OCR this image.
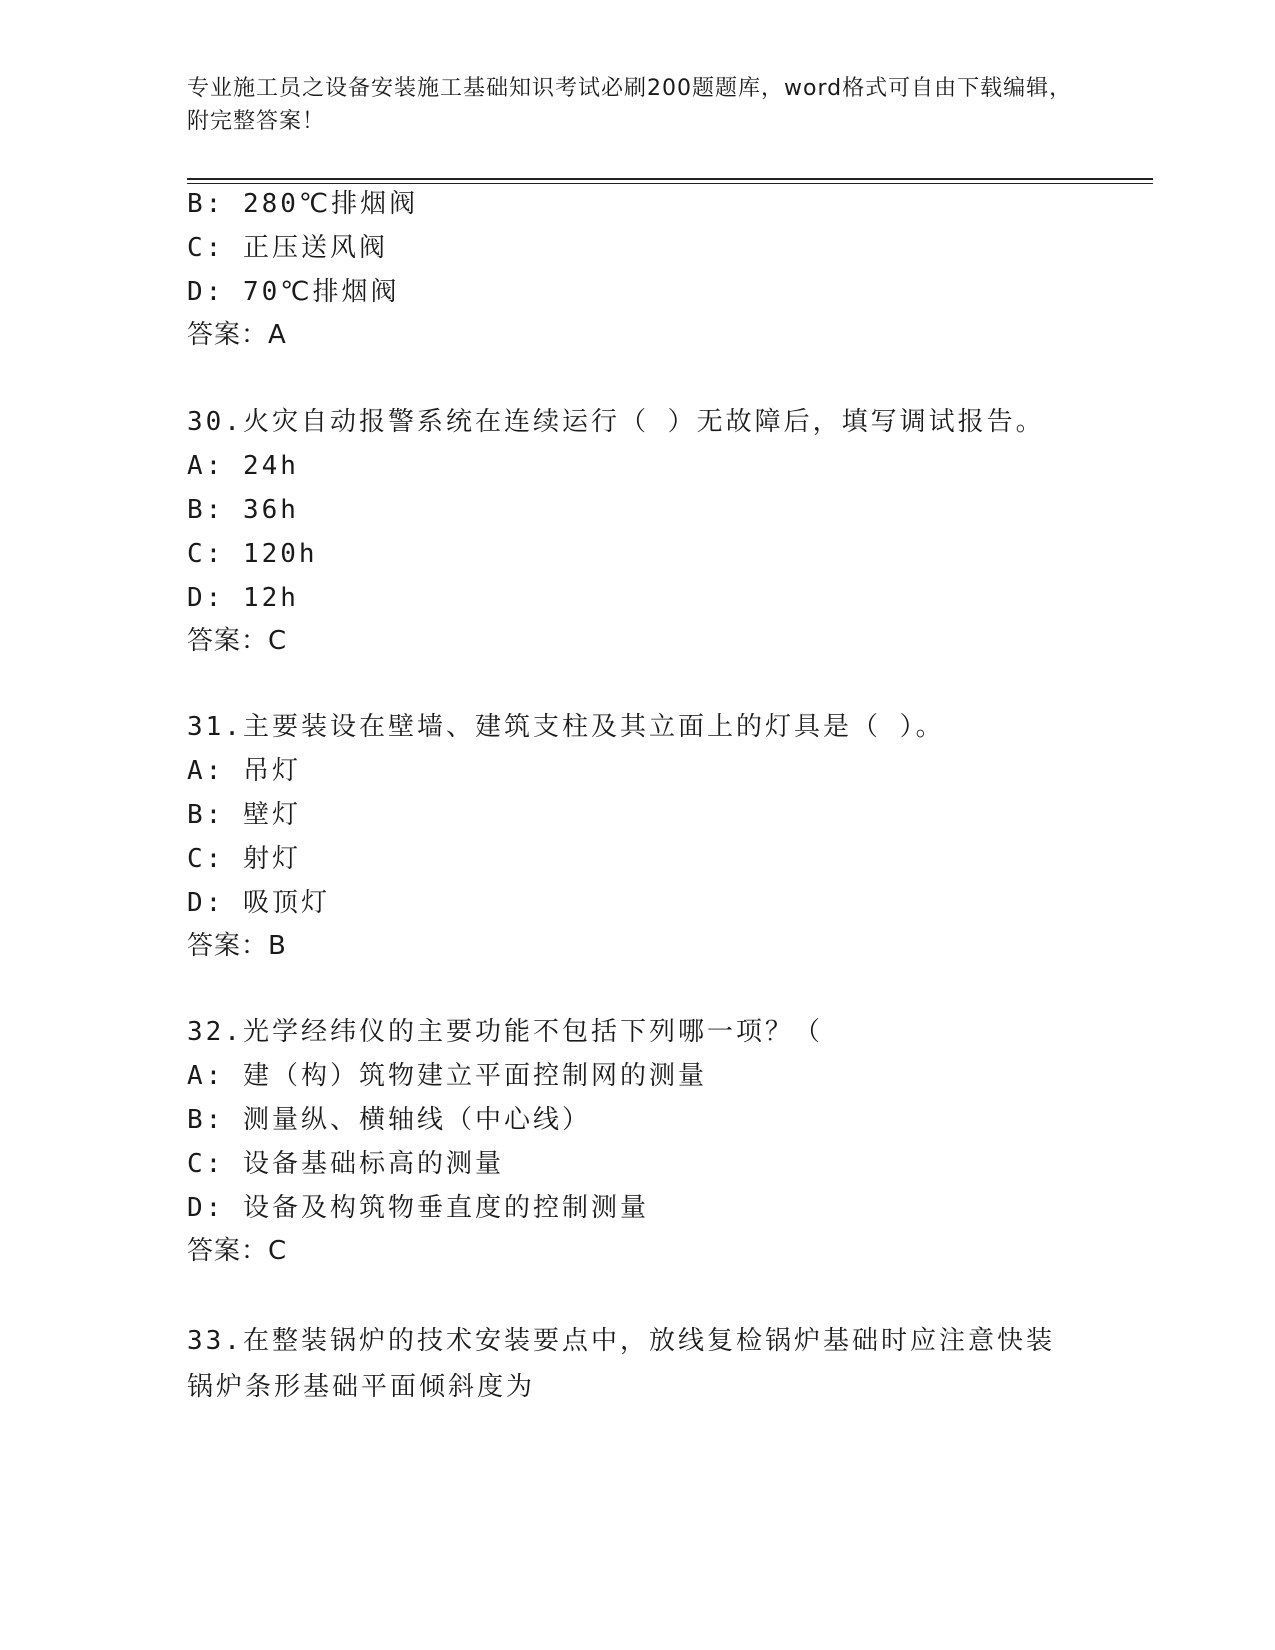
专业施工员之设备安装施工基础知识考试必刷200题题库，word格式可自由下载编辑，附完整答案！
B: 280℃排烟阀
C: 正压送风阀
D: 70℃排烟阀
答案：A
30.火灾自动报警系统在连续运行（ ）无故障后，填写调试报告。
A: 24h
B: 36h
C: 120h
D: 12h
答案：C
31.主要装设在壁墙、建筑支柱及其立面上的灯具是（ ）。
A: 吊灯
B: 壁灯
C: 射灯
D: 吸顶灯
答案：B
32.光学经纬仪的主要功能不包括下列哪一项？（
A: 建（构）筑物建立平面控制网的测量
B: 测量纵、横轴线（中心线）
C: 设备基础标高的测量
D: 设备及构筑物垂直度的控制测量
答案：C
33.在整装锅炉的技术安装要点中，放线复检锅炉基础时应注意快装锅炉条形基础平面倾斜度为
